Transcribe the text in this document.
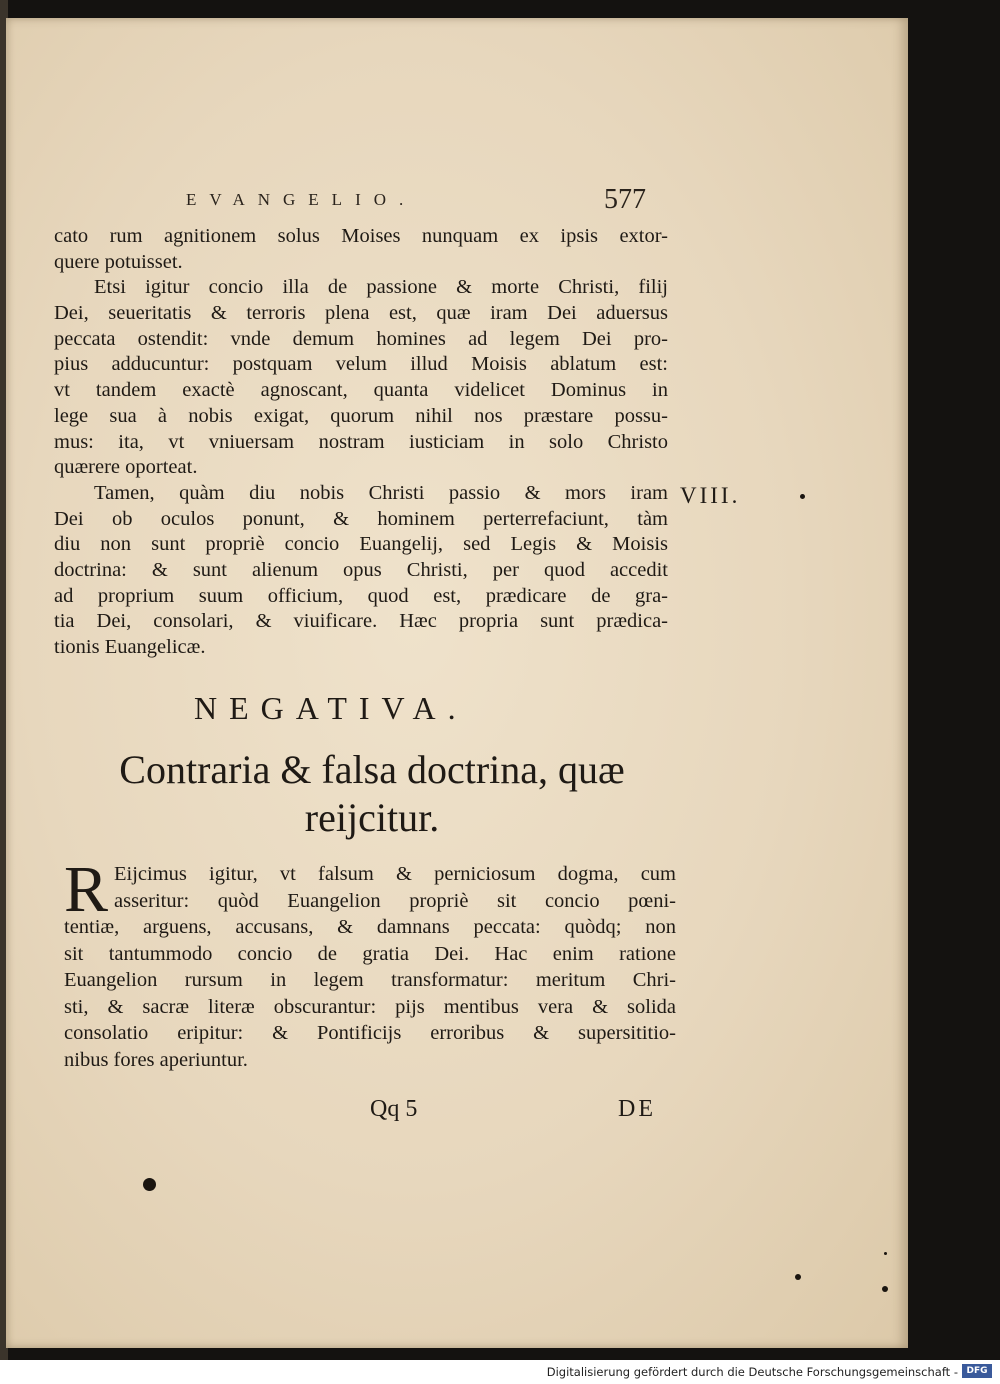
EVANGELIO.	577
cato rum agnitionem solus Moises nunquam ex ipsis extor-
quere potuisset.
Etsi igitur concio illa de passione & morte Christi, filij
Dei, seueritatis & terroris plena est, quæ iram Dei aduersus
peccata ostendit: vnde demum homines ad legem Dei pro-
pius adducuntur: postquam velum illud Moisis ablatum est:
vt tandem exactè agnoscant, quanta videlicet Dominus in
lege sua à nobis exigat, quorum nihil nos præstare possu-
mus: ita, vt vniuersam nostram iusticiam in solo Christo
quærere oporteat.
Tamen, quàm diu nobis Christi passio & mors iram
Dei ob oculos ponunt, & hominem perterrefaciunt, tàm
diu non sunt propriè concio Euangelij, sed Legis & Moisis
doctrina: & sunt alienum opus Christi, per quod accedit
ad proprium suum officium, quod est, prædicare de gra-
tia Dei, consolari, & viuificare. Hæc propria sunt prædica-
tionis Euangelicæ.
VIII.
NEGATIVA.
Contraria & falsa doctrina, quæ reijcitur.
R Eijcimus igitur, vt falsum & perniciosum dogma, cum
asseritur: quòd Euangelion propriè sit concio pœni-
tentiæ, arguens, accusans, & damnans peccata: quòdq; non
sit tantummodo concio de gratia Dei. Hac enim ratione
Euangelion rursum in legem transformatur: meritum Chri-
sti, & sacræ literæ obscurantur: pijs mentibus vera & solida
consolatio eripitur: & Pontificijs erroribus & supersititio-
nibus fores aperiuntur.
Qq 5	DE
Digitalisierung gefördert durch die Deutsche Forschungsgemeinschaft - DFG
